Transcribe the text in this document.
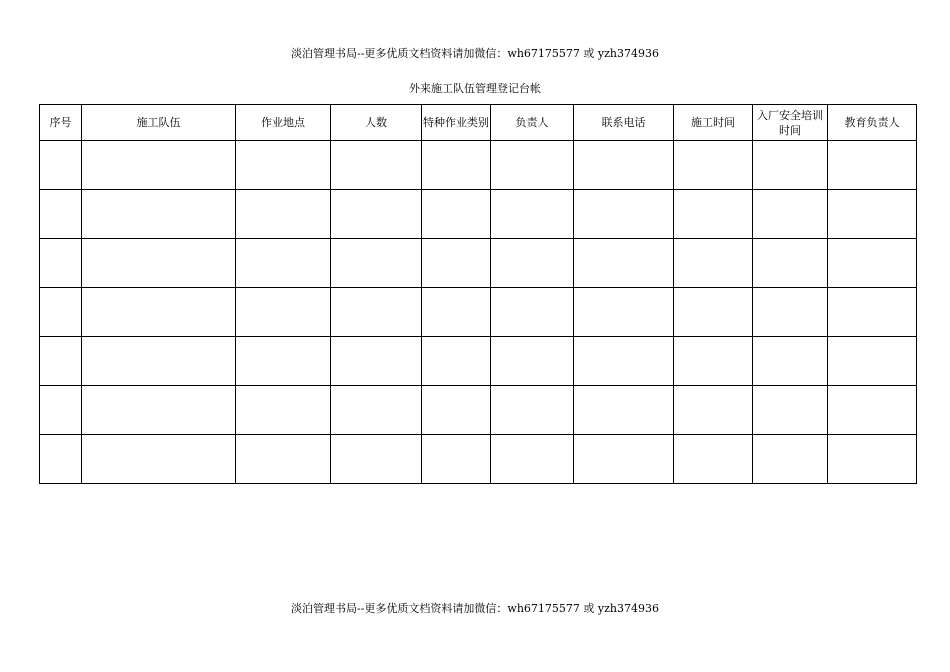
淡泊管理书局--更多优质文档资料请加微信：wh67175577 或 yzh374936
外来施工队伍管理登记台帐
序号	施工队伍	作业地点	人数	特种作业类别	负责人	联系电话	施工时间	入厂安全培训时间	教育负责人

淡泊管理书局--更多优质文档资料请加微信：wh67175577 或 yzh374936
